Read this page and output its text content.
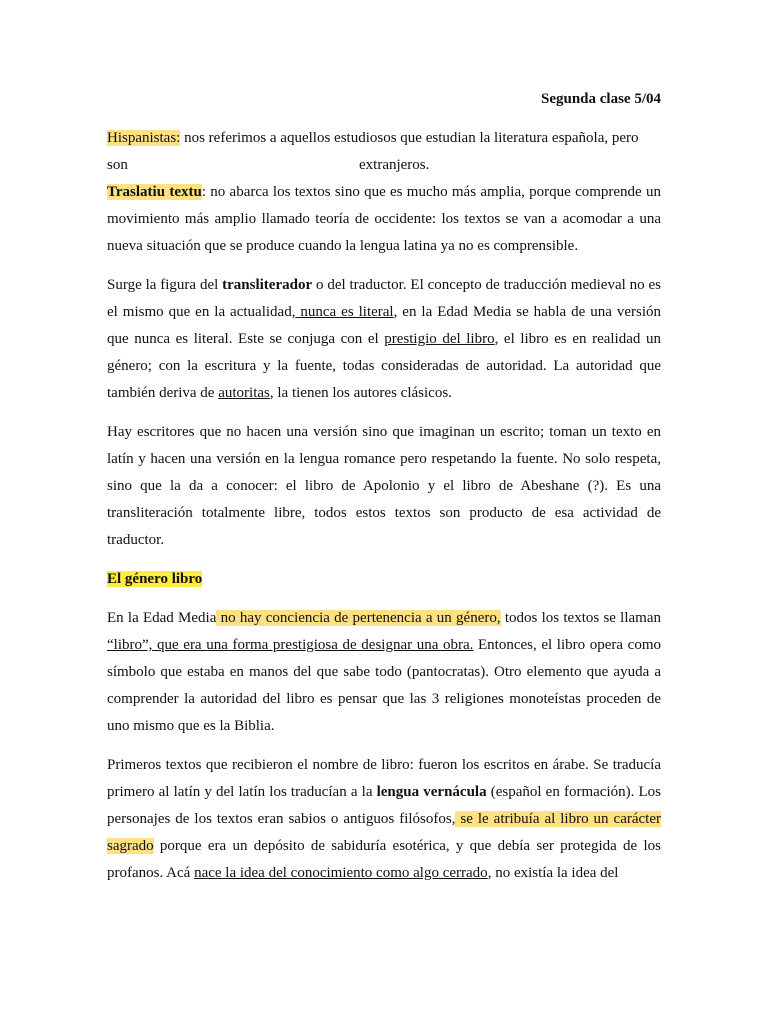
Segunda clase 5/04

Hispanistas: nos referimos a aquellos estudiosos que estudian la literatura española, pero

son	extranjeros.

Traslatiu textu: no abarca los textos sino que es mucho más amplia, porque comprende un movimiento más amplio llamado teoría de occidente: los textos se van a acomodar a una nueva situación que se produce cuando la lengua latina ya no es comprensible.

Surge la figura del transliterador o del traductor. El concepto de traducción medieval no es el mismo que en la actualidad, nunca es literal, en la Edad Media se habla de una versión que nunca es literal. Este se conjuga con el prestigio del libro, el libro es en realidad un género; con la escritura y la fuente, todas consideradas de autoridad. La autoridad que también deriva de autoritas, la tienen los autores clásicos.

Hay escritores que no hacen una versión sino que imaginan un escrito; toman un texto en latín y hacen una versión en la lengua romance pero respetando la fuente. No solo respeta, sino que la da a conocer: el libro de Apolonio y el libro de Abeshane (?). Es una transliteración totalmente libre, todos estos textos son producto de esa actividad de traductor.

El género libro

En la Edad Media no hay conciencia de pertenencia a un género, todos los textos se llaman “libro”, que era una forma prestigiosa de designar una obra. Entonces, el libro opera como símbolo que estaba en manos del que sabe todo (pantocratas). Otro elemento que ayuda a comprender la autoridad del libro es pensar que las 3 religiones monoteístas proceden de uno mismo que es la Biblia.

Primeros textos que recibieron el nombre de libro: fueron los escritos en árabe. Se traducía primero al latín y del latín los traducían a la lengua vernácula (español en formación). Los personajes de los textos eran sabios o antiguos filósofos, se le atribuía al libro un carácter sagrado porque era un depósito de sabiduría esotérica, y que debía ser protegida de los profanos. Acá nace la idea del conocimiento como algo cerrado, no existía la idea del
